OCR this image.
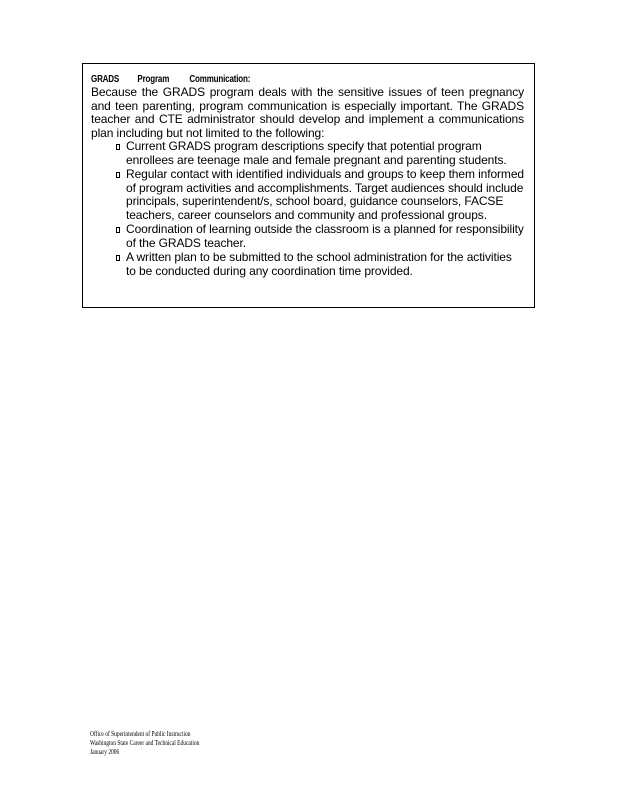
GRADS Program Communication:

Because the GRADS program deals with the sensitive issues of teen pregnancy and teen parenting, program communication is especially important. The GRADS teacher and CTE administrator should develop and implement a communications plan including but not limited to the following:

Current GRADS program descriptions specify that potential program enrollees are teenage male and female pregnant and parenting students.
Regular contact with identified individuals and groups to keep them informed of program activities and accomplishments. Target audiences should include principals, superintendent/s, school board, guidance counselors, FACSE teachers, career counselors and community and professional groups.
Coordination of learning outside the classroom is a planned for responsibility of the GRADS teacher.
A written plan to be submitted to the school administration for the activities to be conducted during any coordination time provided.
Office of Superintendent of Public Instruction
Washington State Career and Technical Education
January 2006
